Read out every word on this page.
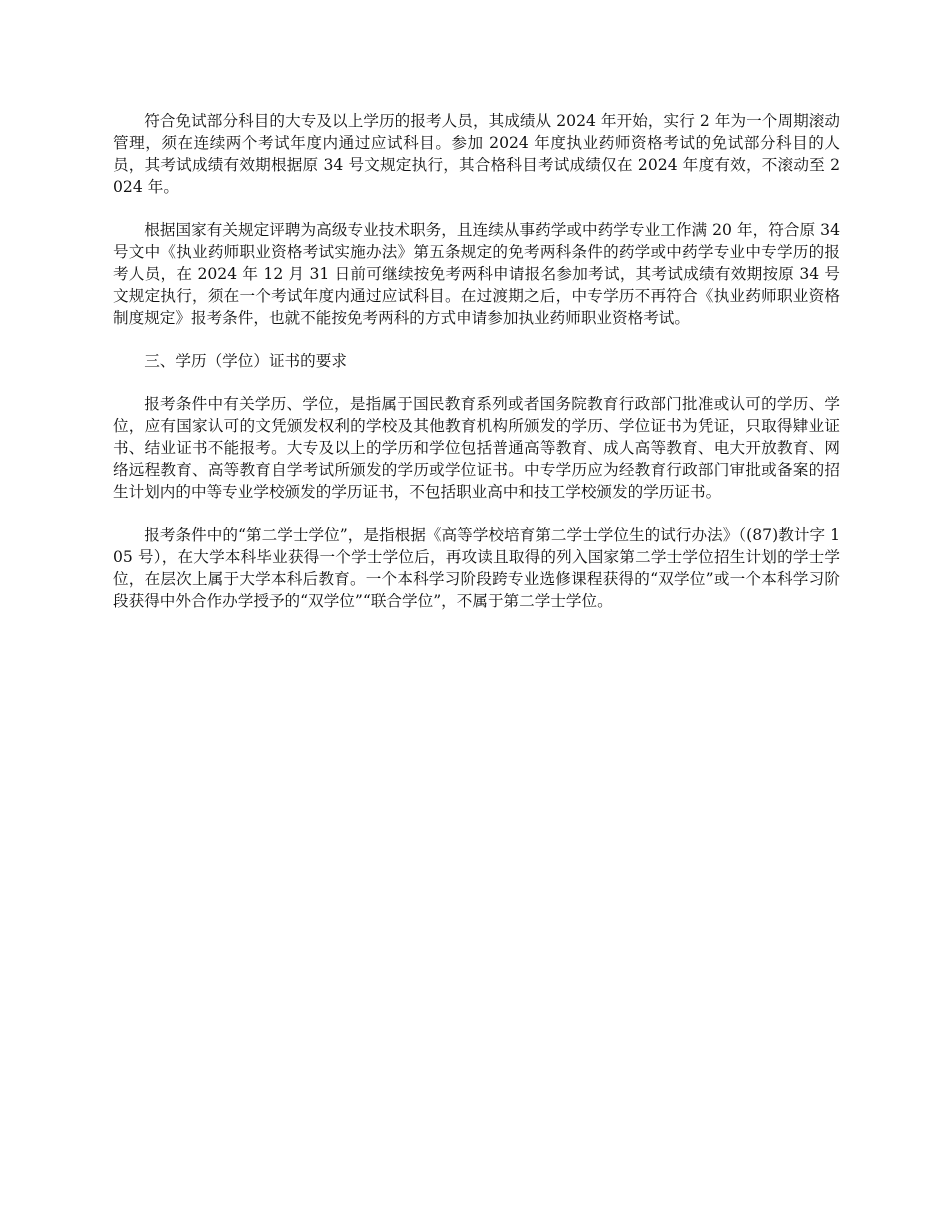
符合免试部分科目的大专及以上学历的报考人员，其成绩从 2024 年开始，实行 2 年为一个周期滚动管理，须在连续两个考试年度内通过应试科目。参加 2024 年度执业药师资格考试的免试部分科目的人员，其考试成绩有效期根据原 34 号文规定执行，其合格科目考试成绩仅在 2024 年度有效，不滚动至 2024 年。

根据国家有关规定评聘为高级专业技术职务，且连续从事药学或中药学专业工作满 20 年，符合原 34 号文中《执业药师职业资格考试实施办法》第五条规定的免考两科条件的药学或中药学专业中专学历的报考人员，在 2024 年 12 月 31 日前可继续按免考两科申请报名参加考试，其考试成绩有效期按原 34 号文规定执行，须在一个考试年度内通过应试科目。在过渡期之后，中专学历不再符合《执业药师职业资格制度规定》报考条件，也就不能按免考两科的方式申请参加执业药师职业资格考试。

三、学历（学位）证书的要求

报考条件中有关学历、学位，是指属于国民教育系列或者国务院教育行政部门批准或认可的学历、学位，应有国家认可的文凭颁发权利的学校及其他教育机构所颁发的学历、学位证书为凭证，只取得肄业证书、结业证书不能报考。大专及以上的学历和学位包括普通高等教育、成人高等教育、电大开放教育、网络远程教育、高等教育自学考试所颁发的学历或学位证书。中专学历应为经教育行政部门审批或备案的招生计划内的中等专业学校颁发的学历证书，不包括职业高中和技工学校颁发的学历证书。

报考条件中的“第二学士学位”，是指根据《高等学校培育第二学士学位生的试行办法》（(87)教计字 105 号），在大学本科毕业获得一个学士学位后，再攻读且取得的列入国家第二学士学位招生计划的学士学位，在层次上属于大学本科后教育。一个本科学习阶段跨专业选修课程获得的“双学位”或一个本科学习阶段获得中外合作办学授予的“双学位”“联合学位”，不属于第二学士学位。
